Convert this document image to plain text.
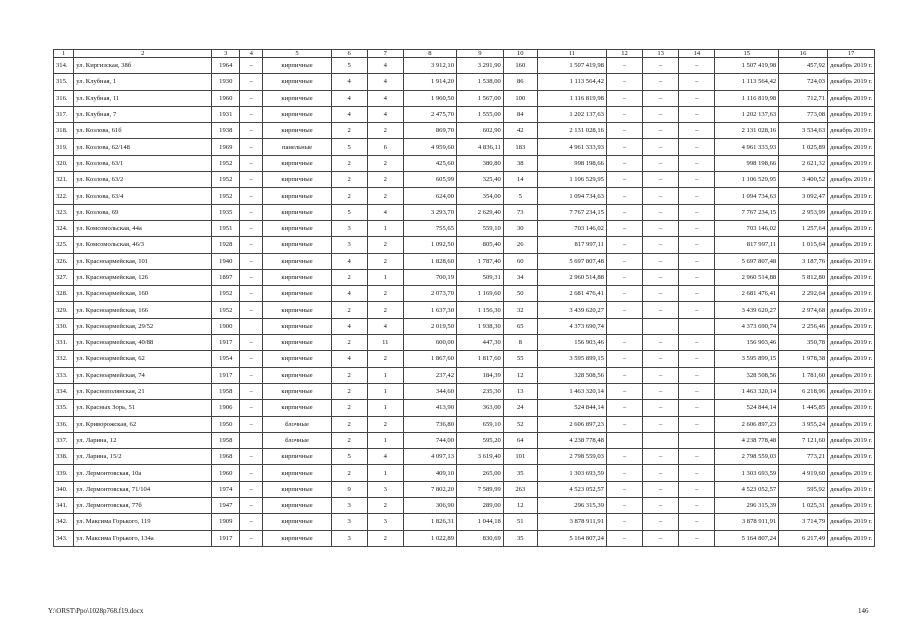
1	2	3	4	5	6	7	8	9	10	11	12	13	14	15	16	17
314.	ул. Киргизская, 38б	1964	–	кирпичные	5	4	3 912,10	3 291,90	160	1 507 419,98	–	–	–	1 507 419,98	457,92	декабрь 2019 г.
315.	ул. Клубная, 1	1930	–	кирпичные	4	4	1 914,20	1 538,00	86	1 113 564,42	–	–	–	1 113 564,42	724,03	декабрь 2019 г.
316.	ул. Клубная, 11	1960	–	кирпичные	4	4	1 960,50	1 567,00	100	1 116 819,98	–	–	–	1 116 819,98	712,71	декабрь 2019 г.
317.	ул. Клубная, 7	1931	–	кирпичные	4	4	2 475,70	1 555,00	84	1 202 137,63	–	–	–	1 202 137,63	773,08	декабрь 2019 г.
318.	ул. Козлова, 61б	1938	–	кирпичные	2	2	869,70	602,90	42	2 131 028,16	–	–	–	2 131 028,16	3 534,63	декабрь 2019 г.
319.	ул. Козлова, 62/148	1969	–	панельные	5	6	4 959,60	4 836,11	183	4 961 333,93	–	–	–	4 961 333,93	1 025,89	декабрь 2019 г.
320.	ул. Козлова, 63/1	1952	–	кирпичные	2	2	425,60	380,80	38	998 198,66	–	–	–	998 198,66	2 621,32	декабрь 2019 г.
321.	ул. Козлова, 63/2	1952	–	кирпичные	2	2	605,99	325,40	14	1 106 529,95	–	–	–	1 106 529,95	3 400,52	декабрь 2019 г.
322.	ул. Козлова, 63/4	1952	–	кирпичные	2	2	624,00	354,00	5	1 094 734,63	–	–	–	1 094 734,63	3 092,47	декабрь 2019 г.
323.	ул. Козлова, 69	1935	–	кирпичные	5	4	3 293,70	2 629,40	73	7 767 234,15	–	–	–	7 767 234,15	2 953,99	декабрь 2019 г.
324.	ул. Комсомольская, 44а	1951	–	кирпичные	3	1	755,65	559,10	30	703 146,02	–	–	–	703 146,02	1 257,64	декабрь 2019 г.
325.	ул. Комсомольская, 46/3	1928	–	кирпичные	3	2	1 092,50	805,40	26	817 997,11	–	–	–	817 997,11	1 015,64	декабрь 2019 г.
326.	ул. Красноармейская, 101	1940	–	кирпичные	4	2	1 828,60	1 787,40	60	5 697 807,48	–	–	–	5 697 807,48	3 187,76	декабрь 2019 г.
327.	ул. Красноармейская, 126	1897	–	кирпичные	2	1	700,19	509,31	34	2 960 514,88	–	–	–	2 960 514,88	5 812,80	декабрь 2019 г.
328.	ул. Красноармейская, 160	1952	–	кирпичные	4	2	2 073,70	1 169,60	50	2 681 476,41	–	–	–	2 681 476,41	2 292,64	декабрь 2019 г.
329.	ул. Красноармейская, 166	1952	–	кирпичные	2	2	1 637,30	1 156,30	32	3 439 620,27	–	–	–	3 439 620,27	2 974,68	декабрь 2019 г.
330.	ул. Красноармейская, 29/52	1900		кирпичные	4	4	2 019,50	1 938,30	65	4 373 690,74				4 373 690,74	2 256,46	декабрь 2019 г.
331.	ул. Красноармейская, 40/88	1917	–	кирпичные	2	11	600,00	447,30	8	156 903,46	–	–	–	156 903,46	350,78	декабрь 2019 г.
332.	ул. Красноармейская, 62	1954	–	кирпичные	4	2	1 867,60	1 817,60	55	3 595 899,15	–	–	–	3 595 899,15	1 978,38	декабрь 2019 г.
333.	ул. Красноармейская, 74	1917	–	кирпичные	2	1	237,42	184,39	12	328 508,56	–	–	–	328 508,56	1 781,60	декабрь 2019 г.
334.	ул. Краснополянская, 21	1958	–	кирпичные	2	1	344,60	235,30	13	1 463 320,14	–	–	–	1 463 320,14	6 218,96	декабрь 2019 г.
335.	ул. Красных Зорь, 51	1906	–	кирпичные	2	1	413,90	363,00	24	524 844,14	–	–	–	524 844,14	1 445,85	декабрь 2019 г.
336.	ул. Криворожская, 62	1950	–	блочные	2	2	736,80	659,10	52	2 606 897,23	–	–	–	2 606 897,23	3 955,24	декабрь 2019 г.
337.	ул. Ларина, 12	1958		блочные	2	1	744,00	595,20	64	4 238 778,48				4 238 778,48	7 121,60	декабрь 2019 г.
338.	ул. Ларина, 15/2	1968	–	кирпичные	5	4	4 097,13	3 619,40	101	2 798 559,03	–	–	–	2 798 559,03	773,21	декабрь 2019 г.
339.	ул. Лермонтовская, 10а	1960	–	кирпичные	2	1	409,10	265,00	35	1 303 693,59	–	–	–	1 303 693,59	4 919,60	декабрь 2019 г.
340.	ул. Лермонтовская, 71/104	1974	–	кирпичные	9	3	7 802,20	7 589,99	263	4 523 052,57	–	–	–	4 523 052,57	595,92	декабрь 2019 г.
341.	ул. Лермонтовская, 77б	1947	–	кирпичные	3	2	306,90	289,00	12	296 315,39	–	–	–	296 315,39	1 025,31	декабрь 2019 г.
342.	ул. Максима Горького, 119	1909	–	кирпичные	3	3	1 826,31	1 044,18	51	3 878 911,91	–	–	–	3 878 911,91	3 714,79	декабрь 2019 г.
343.	ул. Максима Горького, 134а	1917	–	кирпичные	3	2	1 022,89	830,69	35	5 164 807,24	–	–	–	5 164 807,24	6 217,49	декабрь 2019 г.
Y:\ORST\Ppo\1028p768.f19.docx	146
